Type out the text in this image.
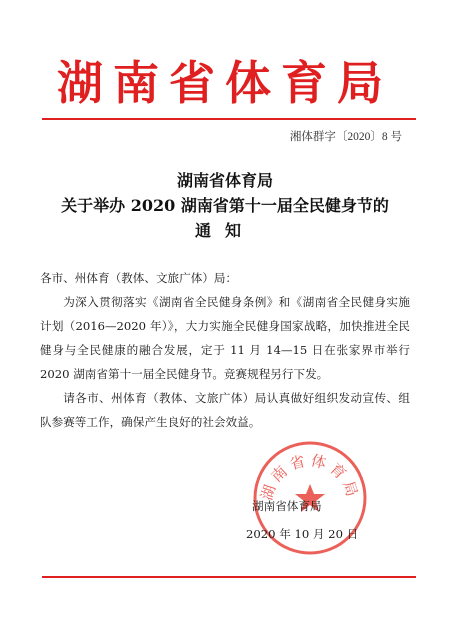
湖南省体育局
湘体群字〔2020〕8 号
湖南省体育局
关于举办 2020 湖南省第十一届全民健身节的
通知

各市、州体育（教体、文旅广体）局：

为深入贯彻落实《湖南省全民健身条例》和《湖南省全民健身实施计划（2016—2020 年）》，大力实施全民健身国家战略，加快推进全民健身与全民健康的融合发展，定于 11 月 14—15 日在张家界市举行 2020 湖南省第十一届全民健身节。竞赛规程另行下发。

请各市、州体育（教体、文旅广体）局认真做好组织发动宣传、组队参赛等工作，确保产生良好的社会效益。

湖南省体育局
湖南省体育局
2020 年 10 月 20 日
